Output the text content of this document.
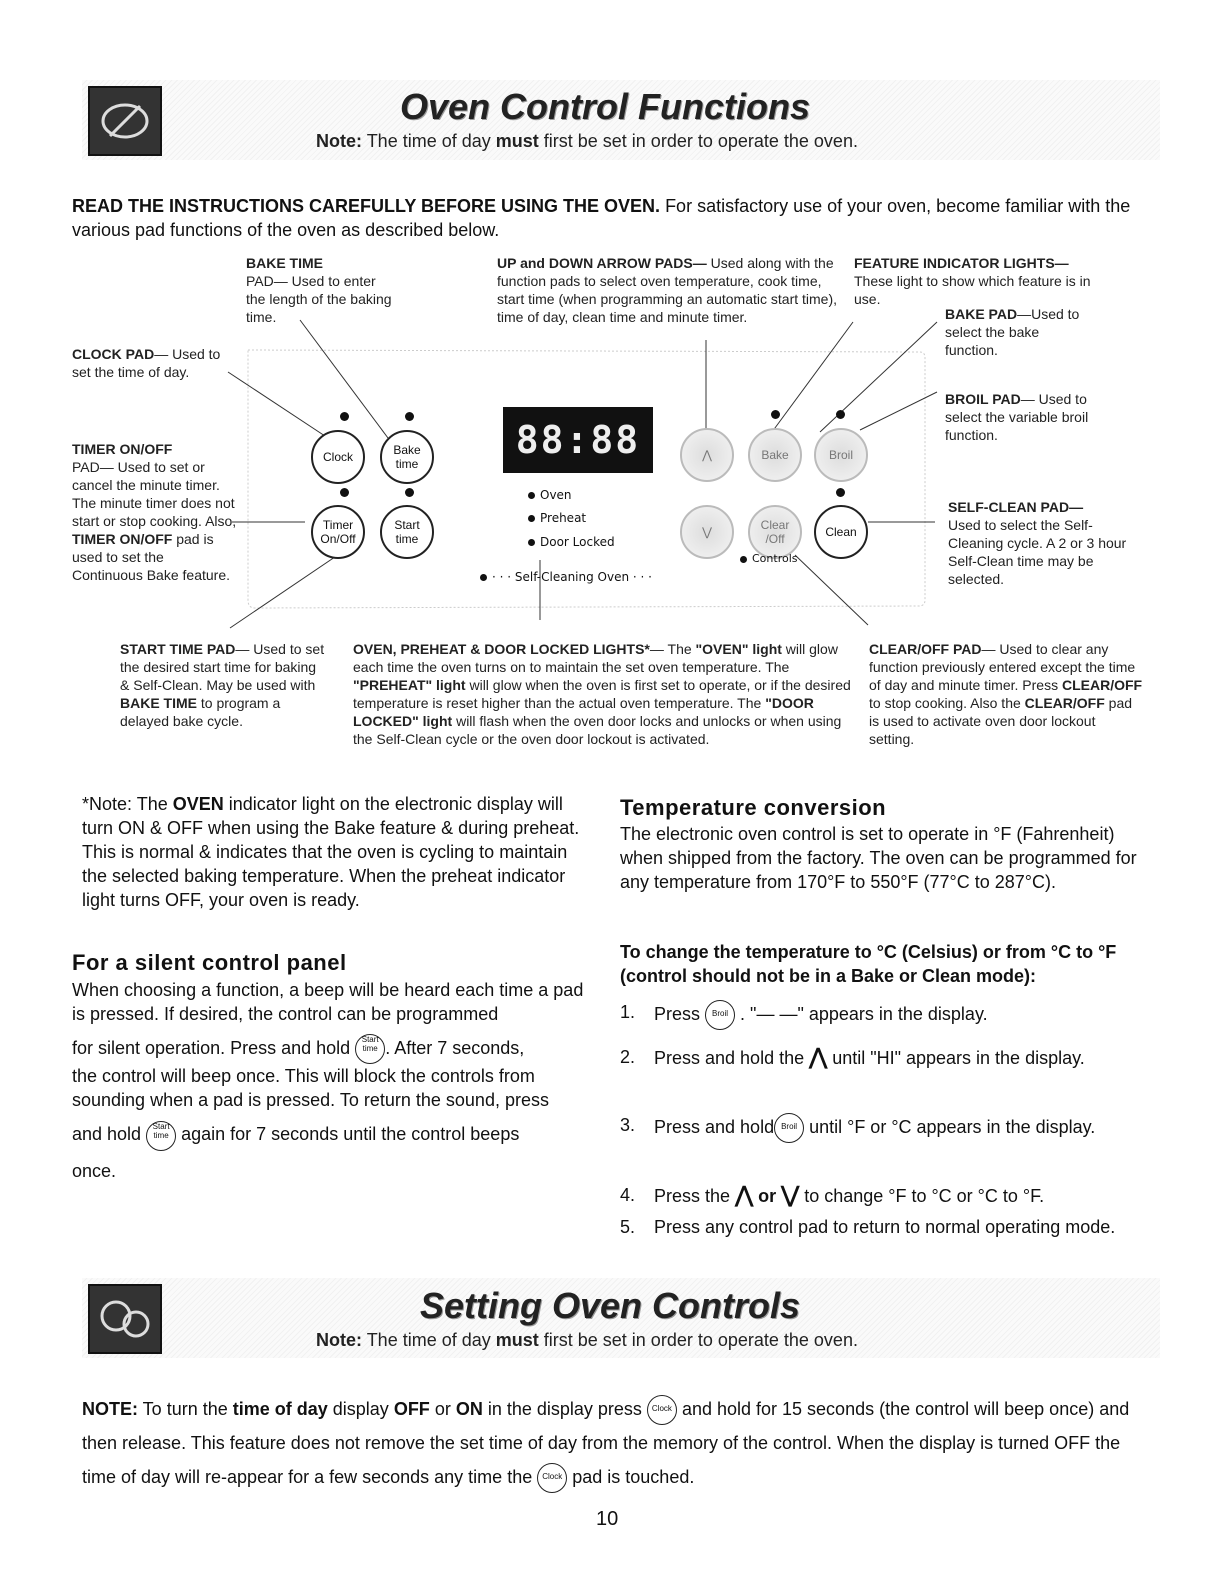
Oven Control Functions
Note: The time of day must first be set in order to operate the oven.
READ THE INSTRUCTIONS CAREFULLY BEFORE USING THE OVEN. For satisfactory use of your oven, become familiar with the various pad functions of the oven as described below.
BAKE TIME
PAD— Used to enter the length of the baking time.
UP and DOWN ARROW PADS— Used along with the function pads to select oven temperature, cook time, start time (when programming an automatic start time), time of day, clean time and minute timer.
FEATURE INDICATOR LIGHTS—
These light to show which feature is in use.
BAKE PAD—Used to select the bake function.
CLOCK PAD— Used to set the time of day.
BROIL PAD— Used to select the variable broil function.
TIMER ON/OFF
PAD— Used to set or cancel the minute timer. The minute timer does not start or stop cooking. Also, TIMER ON/OFF pad is used to set the Continuous Bake feature.
SELF-CLEAN PAD—
Used to select the Self-Cleaning cycle. A 2 or 3 hour Self-Clean time may be selected.
START TIME PAD— Used to set the desired start time for baking & Self-Clean. May be used with BAKE TIME to program a delayed bake cycle.
OVEN, PREHEAT & DOOR LOCKED LIGHTS*— The "OVEN" light will glow each time the oven turns on to maintain the set oven temperature. The "PREHEAT" light will glow when the oven is first set to operate, or if the desired temperature is reset higher than the actual oven temperature. The "DOOR LOCKED" light will flash when the oven door locks and unlocks or when using the Self-Clean cycle or the oven door lockout is activated.
CLEAR/OFF PAD— Used to clear any function previously entered except the time of day and minute timer. Press CLEAR/OFF to stop cooking. Also the CLEAR/OFF pad is used to activate oven door lockout setting.
Clock	Bake
time
Timer
On/Off
Start
time
88:88
Oven
Preheat
Door Locked
· · · Self-Cleaning Oven · · ·
⋀
⋁
Bake	Broil
Clear
/Off	Clean
Controls
*Note: The OVEN indicator light on the electronic display will turn ON & OFF when using the Bake feature & during preheat. This is normal & indicates that the oven is cycling to maintain the selected baking temperature. When the preheat indicator light turns OFF, your oven is ready.
For a silent control panel
When choosing a function, a beep will be heard each time a pad is pressed. If desired, the control can be programmed
for silent operation. Press and hold Start
time . After 7 seconds,
the control will beep once. This will block the controls from sounding when a pad is pressed. To return the sound, press
and hold Start
time again for 7 seconds until the control beeps
once.
Temperature conversion
The electronic oven control is set to operate in °F (Fahrenheit) when shipped from the factory. The oven can be programmed for any temperature from 170°F to 550°F (77°C to 287°C).
To change the temperature to °C (Celsius) or from °C to °F (control should not be in a Bake or Clean mode):
1. Press Broil . "— —" appears in the display.
2. Press and hold the ⋀ until "HI" appears in the display.
3. Press and hold Broil until °F or °C appears in the display.
4. Press the ⋀ or ⋁ to change °F to °C or °C to °F.
5. Press any control pad to return to normal operating mode.
Setting Oven Controls
Note: The time of day must first be set in order to operate the oven.
NOTE: To turn the time of day display OFF or ON in the display press Clock and hold for 15 seconds (the control will beep once) and then release. This feature does not remove the set time of day from the memory of the control. When the display is turned OFF the time of day will re-appear for a few seconds any time the Clock pad is touched.
10
